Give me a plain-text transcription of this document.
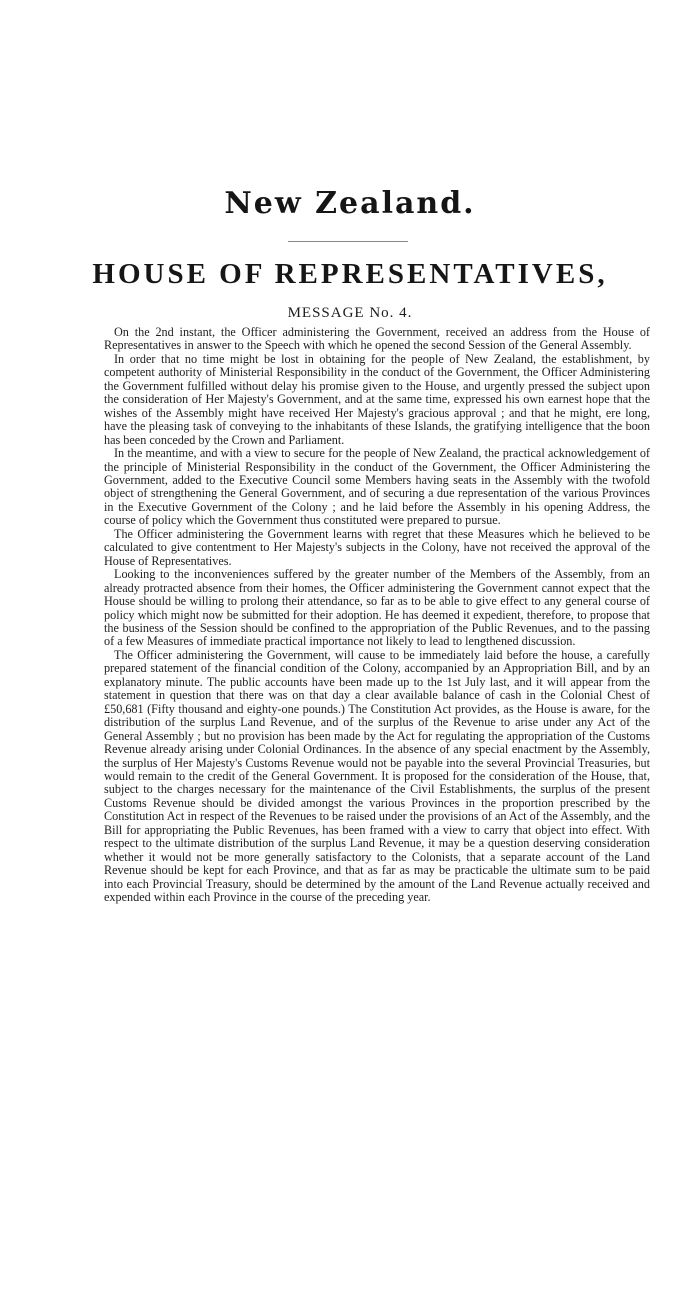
New Zealand.
HOUSE OF REPRESENTATIVES,
MESSAGE No. 4.

On the 2nd instant, the Officer administering the Government, received an address from the House of Representatives in answer to the Speech with which he opened the second Session of the General Assembly.

In order that no time might be lost in obtaining for the people of New Zealand, the establishment, by competent authority of Ministerial Responsibility in the conduct of the Government, the Officer Administering the Government fulfilled without delay his promise given to the House, and urgently pressed the subject upon the consideration of Her Majesty's Government, and at the same time, expressed his own earnest hope that the wishes of the Assembly might have received Her Majesty's gracious approval ; and that he might, ere long, have the pleasing task of conveying to the inhabitants of these Islands, the gratifying intelligence that the boon has been conceded by the Crown and Parliament.

In the meantime, and with a view to secure for the people of New Zealand, the practical acknowledgement of the principle of Ministerial Responsibility in the conduct of the Government, the Officer Administering the Government, added to the Executive Council some Members having seats in the Assembly with the twofold object of strengthening the General Government, and of securing a due representation of the various Provinces in the Executive Government of the Colony ; and he laid before the Assembly in his opening Address, the course of policy which the Government thus constituted were prepared to pursue.

The Officer administering the Government learns with regret that these Measures which he believed to be calculated to give contentment to Her Majesty's subjects in the Colony, have not received the approval of the House of Representatives.

Looking to the inconveniences suffered by the greater number of the Members of the Assembly, from an already protracted absence from their homes, the Officer administering the Government cannot expect that the House should be willing to prolong their attendance, so far as to be able to give effect to any general course of policy which might now be submitted for their adoption. He has deemed it expedient, therefore, to propose that the business of the Session should be confined to the appropriation of the Public Revenues, and to the passing of a few Measures of immediate practical importance not likely to lead to lengthened discussion.

The Officer administering the Government, will cause to be immediately laid before the house, a carefully prepared statement of the financial condition of the Colony, accompanied by an Appropriation Bill, and by an explanatory minute. The public accounts have been made up to the 1st July last, and it will appear from the statement in question that there was on that day a clear available balance of cash in the Colonial Chest of £50,681 (Fifty thousand and eighty-one pounds.) The Constitution Act provides, as the House is aware, for the distribution of the surplus Land Revenue, and of the surplus of the Revenue to arise under any Act of the General Assembly ; but no provision has been made by the Act for regulating the appropriation of the Customs Revenue already arising under Colonial Ordinances. In the absence of any special enactment by the Assembly, the surplus of Her Majesty's Customs Revenue would not be payable into the several Provincial Treasuries, but would remain to the credit of the General Government. It is proposed for the consideration of the House, that, subject to the charges necessary for the maintenance of the Civil Establishments, the surplus of the present Customs Revenue should be divided amongst the various Provinces in the proportion prescribed by the Constitution Act in respect of the Revenues to be raised under the provisions of an Act of the Assembly, and the Bill for appropriating the Public Revenues, has been framed with a view to carry that object into effect. With respect to the ultimate distribution of the surplus Land Revenue, it may be a question deserving consideration whether it would not be more generally satisfactory to the Colonists, that a separate account of the Land Revenue should be kept for each Province, and that as far as may be practicable the ultimate sum to be paid into each Provincial Treasury, should be determined by the amount of the Land Revenue actually received and expended within each Province in the course of the preceding year.
